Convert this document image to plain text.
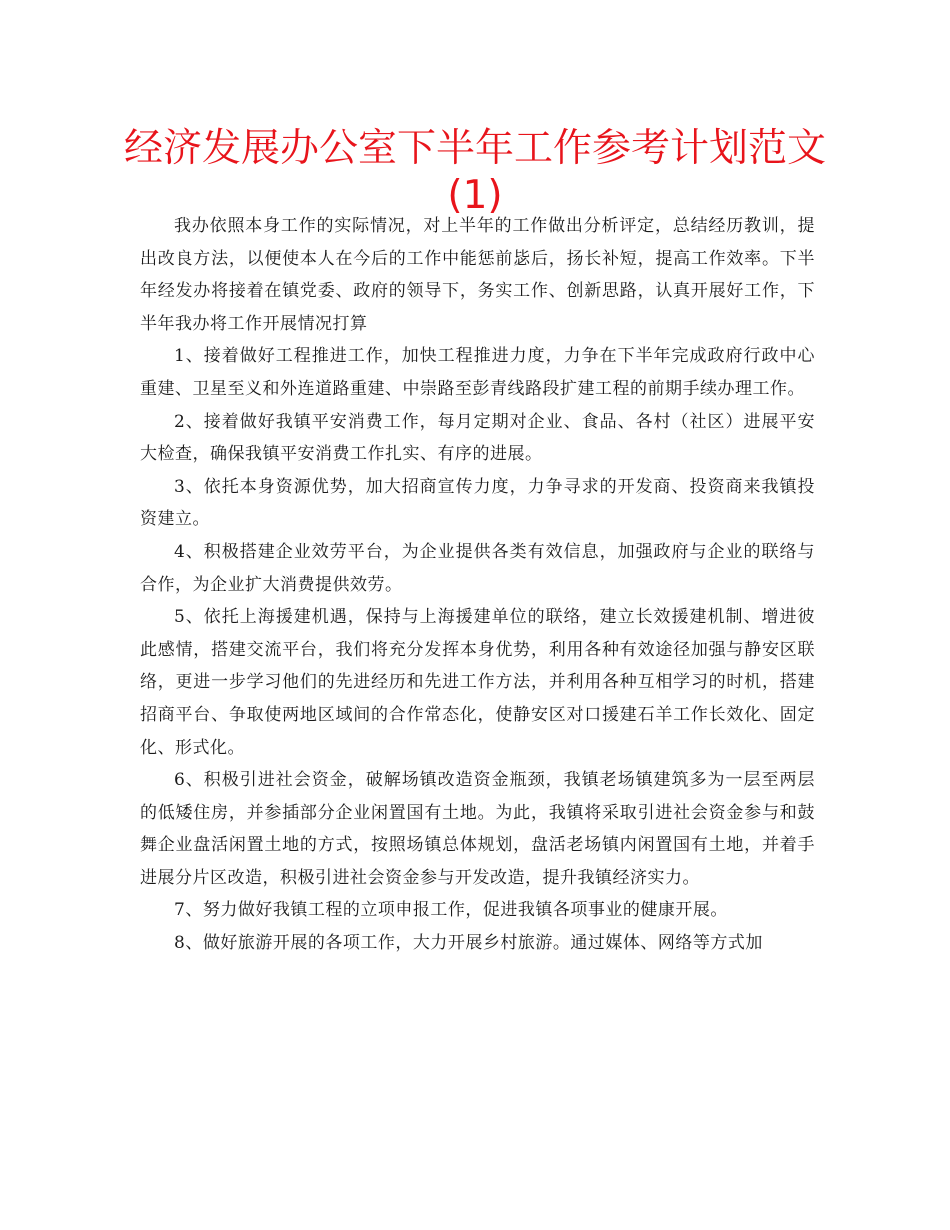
经济发展办公室下半年工作参考计划范文
(1)

我办依照本身工作的实际情况，对上半年的工作做出分析评定，总结经历教训，提出改良方法，以便使本人在今后的工作中能惩前毖后，扬长补短，提高工作效率。下半年经发办将接着在镇党委、政府的领导下，务实工作、创新思路，认真开展好工作，下半年我办将工作开展情况打算

1、接着做好工程推进工作，加快工程推进力度，力争在下半年完成政府行政中心重建、卫星至义和外连道路重建、中崇路至彭青线路段扩建工程的前期手续办理工作。

2、接着做好我镇平安消费工作，每月定期对企业、食品、各村（社区）进展平安大检查，确保我镇平安消费工作扎实、有序的进展。

3、依托本身资源优势，加大招商宣传力度，力争寻求的开发商、投资商来我镇投资建立。

4、积极搭建企业效劳平台，为企业提供各类有效信息，加强政府与企业的联络与合作，为企业扩大消费提供效劳。

5、依托上海援建机遇，保持与上海援建单位的联络，建立长效援建机制、增进彼此感情，搭建交流平台，我们将充分发挥本身优势，利用各种有效途径加强与静安区联络，更进一步学习他们的先进经历和先进工作方法，并利用各种互相学习的时机，搭建招商平台、争取使两地区域间的合作常态化，使静安区对口援建石羊工作长效化、固定化、形式化。

6、积极引进社会资金，破解场镇改造资金瓶颈，我镇老场镇建筑多为一层至两层的低矮住房，并参插部分企业闲置国有土地。为此，我镇将采取引进社会资金参与和鼓舞企业盘活闲置土地的方式，按照场镇总体规划，盘活老场镇内闲置国有土地，并着手进展分片区改造，积极引进社会资金参与开发改造，提升我镇经济实力。

7、努力做好我镇工程的立项申报工作，促进我镇各项事业的健康开展。

8、做好旅游开展的各项工作，大力开展乡村旅游。通过媒体、网络等方式加
